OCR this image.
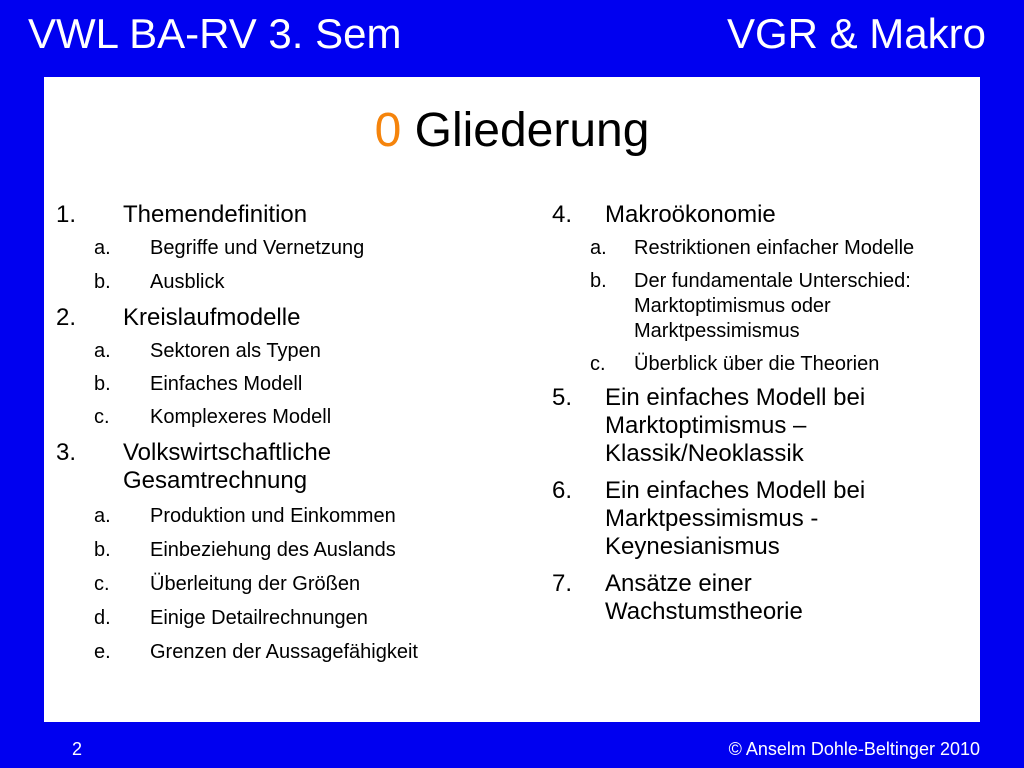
VWL BA-RV 3. Sem	VGR & Makro
0 Gliederung
1. Themendefinition
a. Begriffe und Vernetzung
b. Ausblick
2. Kreislaufmodelle
a. Sektoren als Typen
b. Einfaches Modell
c. Komplexeres Modell
3. Volkswirtschaftliche Gesamtrechnung
a. Produktion und Einkommen
b. Einbeziehung des Auslands
c. Überleitung der Größen
d. Einige Detailrechnungen
e. Grenzen der Aussagefähigkeit
4. Makroökonomie
a. Restriktionen einfacher Modelle
b. Der fundamentale Unterschied: Marktoptimismus oder Marktpessimismus
c. Überblick über die Theorien
5. Ein einfaches Modell bei Marktoptimismus – Klassik/Neoklassik
6. Ein einfaches Modell bei Marktpessimismus - Keynesianismus
7. Ansätze einer Wachstumstheorie
2	© Anselm Dohle-Beltinger 2010
